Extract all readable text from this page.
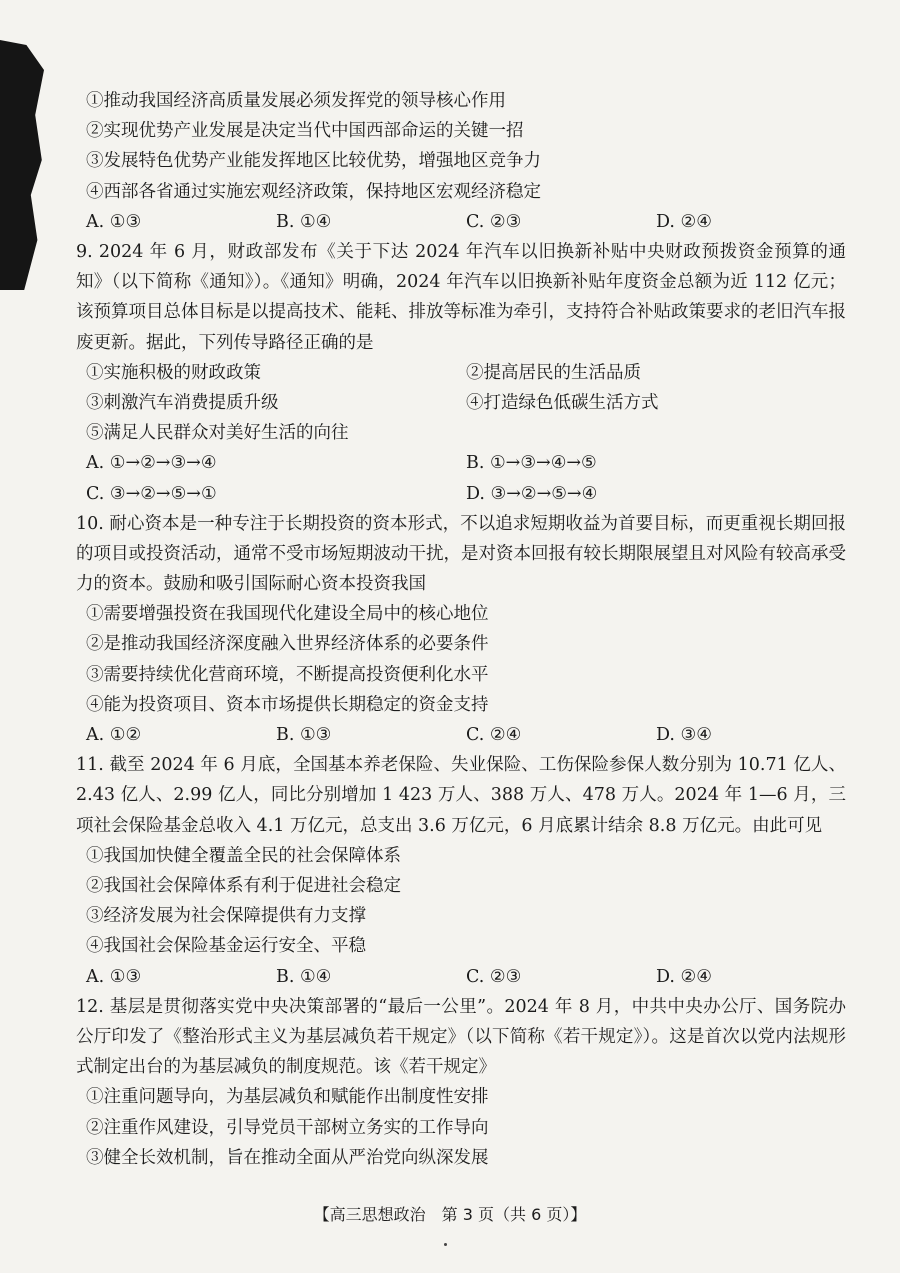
①推动我国经济高质量发展必须发挥党的领导核心作用
②实现优势产业发展是决定当代中国西部命运的关键一招
③发展特色优势产业能发挥地区比较优势，增强地区竞争力
④西部各省通过实施宏观经济政策，保持地区宏观经济稳定
A. ①③	B. ①④	C. ②③	D. ②④
9. 2024 年 6 月，财政部发布《关于下达 2024 年汽车以旧换新补贴中央财政预拨资金预算的通知》（以下简称《通知》）。《通知》明确，2024 年汽车以旧换新补贴年度资金总额为近 112 亿元；该预算项目总体目标是以提高技术、能耗、排放等标准为牵引，支持符合补贴政策要求的老旧汽车报废更新。据此，下列传导路径正确的是
①实施积极的财政政策	②提高居民的生活品质
③刺激汽车消费提质升级	④打造绿色低碳生活方式
⑤满足人民群众对美好生活的向往
A. ①→②→③→④	B. ①→③→④→⑤
C. ③→②→⑤→①	D. ③→②→⑤→④
10. 耐心资本是一种专注于长期投资的资本形式，不以追求短期收益为首要目标，而更重视长期回报的项目或投资活动，通常不受市场短期波动干扰，是对资本回报有较长期限展望且对风险有较高承受力的资本。鼓励和吸引国际耐心资本投资我国
①需要增强投资在我国现代化建设全局中的核心地位
②是推动我国经济深度融入世界经济体系的必要条件
③需要持续优化营商环境，不断提高投资便利化水平
④能为投资项目、资本市场提供长期稳定的资金支持
A. ①②	B. ①③	C. ②④	D. ③④
11. 截至 2024 年 6 月底，全国基本养老保险、失业保险、工伤保险参保人数分别为 10.71 亿人、2.43 亿人、2.99 亿人，同比分别增加 1 423 万人、388 万人、478 万人。2024 年 1—6 月，三项社会保险基金总收入 4.1 万亿元，总支出 3.6 万亿元，6 月底累计结余 8.8 万亿元。由此可见
①我国加快健全覆盖全民的社会保障体系
②我国社会保障体系有利于促进社会稳定
③经济发展为社会保障提供有力支撑
④我国社会保险基金运行安全、平稳
A. ①③	B. ①④	C. ②③	D. ②④
12. 基层是贯彻落实党中央决策部署的“最后一公里”。2024 年 8 月，中共中央办公厅、国务院办公厅印发了《整治形式主义为基层减负若干规定》（以下简称《若干规定》）。这是首次以党内法规形式制定出台的为基层减负的制度规范。该《若干规定》
①注重问题导向，为基层减负和赋能作出制度性安排
②注重作风建设，引导党员干部树立务实的工作导向
③健全长效机制，旨在推动全面从严治党向纵深发展
【高三思想政治　第 3 页（共 6 页）】
